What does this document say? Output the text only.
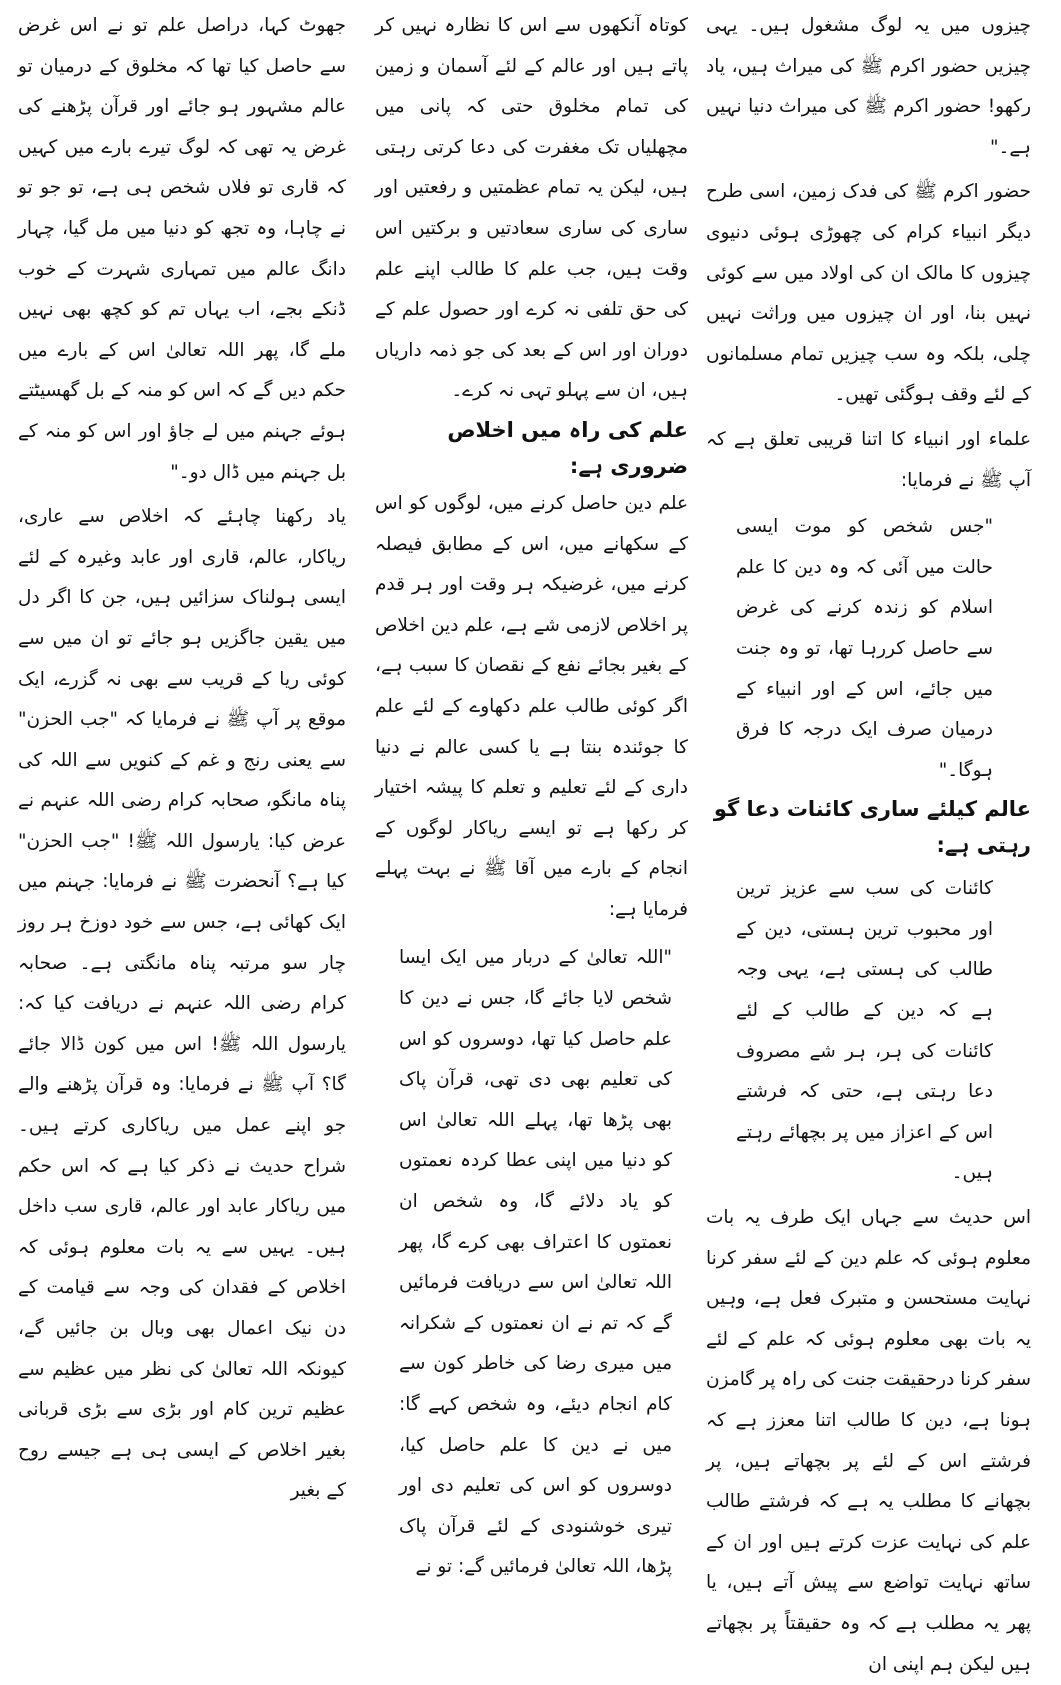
چیزوں میں یہ لوگ مشغول ہیں۔ یہی چیزیں حضور اکرم ﷺ کی میراث ہیں، یاد رکھو! حضور اکرم ﷺ کی میراث دنیا نہیں ہے۔"

حضور اکرم ﷺ کی فدک زمین، اسی طرح دیگر انبیاء کرام کی چھوڑی ہوئی دنیوی چیزوں کا مالک ان کی اولاد میں سے کوئی نہیں بنا، اور ان چیزوں میں وراثت نہیں چلی، بلکہ وہ سب چیزیں تمام مسلمانوں کے لئے وقف ہوگئی تھیں۔

علماء اور انبیاء کا اتنا قریبی تعلق ہے کہ آپ ﷺ نے فرمایا:

"جس شخص کو موت ایسی حالت میں آئی کہ وہ دین کا علم اسلام کو زندہ کرنے کی غرض سے حاصل کررہا تھا، تو وہ جنت میں جائے، اس کے اور انبیاء کے درمیان صرف ایک درجہ کا فرق ہوگا۔"

عالم کیلئے ساری کائنات دعا گو رہتی ہے:

کائنات کی سب سے عزیز ترین اور محبوب ترین ہستی، دین کے طالب کی ہستی ہے، یہی وجہ ہے کہ دین کے طالب کے لئے کائنات کی ہر، ہر شے مصروف دعا رہتی ہے، حتی کہ فرشتے اس کے اعزاز میں پر بچھائے رہتے ہیں۔

اس حدیث سے جہاں ایک طرف یہ بات معلوم ہوئی کہ علم دین کے لئے سفر کرنا نہایت مستحسن و متبرک فعل ہے، وہیں یہ بات بھی معلوم ہوئی کہ علم کے لئے سفر کرنا درحقیقت جنت کی راہ پر گامزن ہونا ہے، دین کا طالب اتنا معزز ہے کہ فرشتے اس کے لئے پر بچھاتے ہیں، پر بچھانے کا مطلب یہ ہے کہ فرشتے طالب علم کی نہایت عزت کرتے ہیں اور ان کے ساتھ نہایت تواضع سے پیش آتے ہیں، یا پھر یہ مطلب ہے کہ وہ حقیقتاً پر بچھاتے ہیں لیکن ہم اپنی ان

کوتاہ آنکھوں سے اس کا نظارہ نہیں کر پاتے ہیں اور عالم کے لئے آسمان و زمین کی تمام مخلوق حتی کہ پانی میں مچھلیاں تک مغفرت کی دعا کرتی رہتی ہیں، لیکن یہ تمام عظمتیں و رفعتیں اور ساری کی ساری سعادتیں و برکتیں اس وقت ہیں، جب علم کا طالب اپنے علم کی حق تلفی نہ کرے اور حصول علم کے دوران اور اس کے بعد کی جو ذمہ داریاں ہیں، ان سے پہلو تہی نہ کرے۔

علم کی راہ میں اخلاص ضروری ہے:

علم دین حاصل کرنے میں، لوگوں کو اس کے سکھانے میں، اس کے مطابق فیصلہ کرنے میں، غرضیکہ ہر وقت اور ہر قدم پر اخلاص لازمی شے ہے، علم دین اخلاص کے بغیر بجائے نفع کے نقصان کا سبب ہے، اگر کوئی طالب علم دکھاوے کے لئے علم کا جوئندہ بنتا ہے یا کسی عالم نے دنیا داری کے لئے تعلیم و تعلم کا پیشہ اختیار کر رکھا ہے تو ایسے ریاکار لوگوں کے انجام کے بارے میں آقا ﷺ نے بہت پہلے فرمایا ہے:

"اللہ تعالیٰ کے دربار میں ایک ایسا شخص لایا جائے گا، جس نے دین کا علم حاصل کیا تھا، دوسروں کو اس کی تعلیم بھی دی تھی، قرآن پاک بھی پڑھا تھا، پہلے اللہ تعالیٰ اس کو دنیا میں اپنی عطا کردہ نعمتوں کو یاد دلائے گا، وہ شخص ان نعمتوں کا اعتراف بھی کرے گا، پھر اللہ تعالیٰ اس سے دریافت فرمائیں گے کہ تم نے ان نعمتوں کے شکرانہ میں میری رضا کی خاطر کون سے کام انجام دیئے، وہ شخص کہے گا: میں نے دین کا علم حاصل کیا، دوسروں کو اس کی تعلیم دی اور تیری خوشنودی کے لئے قرآن پاک پڑھا، اللہ تعالیٰ فرمائیں گے: تو نے

جھوٹ کہا، دراصل علم تو نے اس غرض سے حاصل کیا تھا کہ مخلوق کے درمیان تو عالم مشہور ہو جائے اور قرآن پڑھنے کی غرض یہ تھی کہ لوگ تیرے بارے میں کہیں کہ قاری تو فلاں شخص ہی ہے، تو جو تو نے چاہا، وہ تجھ کو دنیا میں مل گیا، چہار دانگ عالم میں تمہاری شہرت کے خوب ڈنکے بجے، اب یہاں تم کو کچھ بھی نہیں ملے گا، پھر اللہ تعالیٰ اس کے بارے میں حکم دیں گے کہ اس کو منہ کے بل گھسیٹتے ہوئے جہنم میں لے جاؤ اور اس کو منہ کے بل جہنم میں ڈال دو۔"

یاد رکھنا چاہئے کہ اخلاص سے عاری، ریاکار، عالم، قاری اور عابد وغیرہ کے لئے ایسی ہولناک سزائیں ہیں، جن کا اگر دل میں یقین جاگزیں ہو جائے تو ان میں سے کوئی ریا کے قریب سے بھی نہ گزرے، ایک موقع پر آپ ﷺ نے فرمایا کہ "جب الحزن" سے یعنی رنج و غم کے کنویں سے اللہ کی پناہ مانگو، صحابہ کرام رضی اللہ عنہم نے عرض کیا: یارسول اللہ ﷺ! "جب الحزن" کیا ہے؟ آنحضرت ﷺ نے فرمایا: جہنم میں ایک کھائی ہے، جس سے خود دوزخ ہر روز چار سو مرتبہ پناہ مانگتی ہے۔ صحابہ کرام رضی اللہ عنہم نے دریافت کیا کہ: یارسول اللہ ﷺ! اس میں کون ڈالا جائے گا؟ آپ ﷺ نے فرمایا: وہ قرآن پڑھنے والے جو اپنے عمل میں ریاکاری کرتے ہیں۔ شراح حدیث نے ذکر کیا ہے کہ اس حکم میں ریاکار عابد اور عالم، قاری سب داخل ہیں۔ یہیں سے یہ بات معلوم ہوئی کہ اخلاص کے فقدان کی وجہ سے قیامت کے دن نیک اعمال بھی وبال بن جائیں گے، کیونکہ اللہ تعالیٰ کی نظر میں عظیم سے عظیم ترین کام اور بڑی سے بڑی قربانی بغیر اخلاص کے ایسی ہی ہے جیسے روح کے بغیر
